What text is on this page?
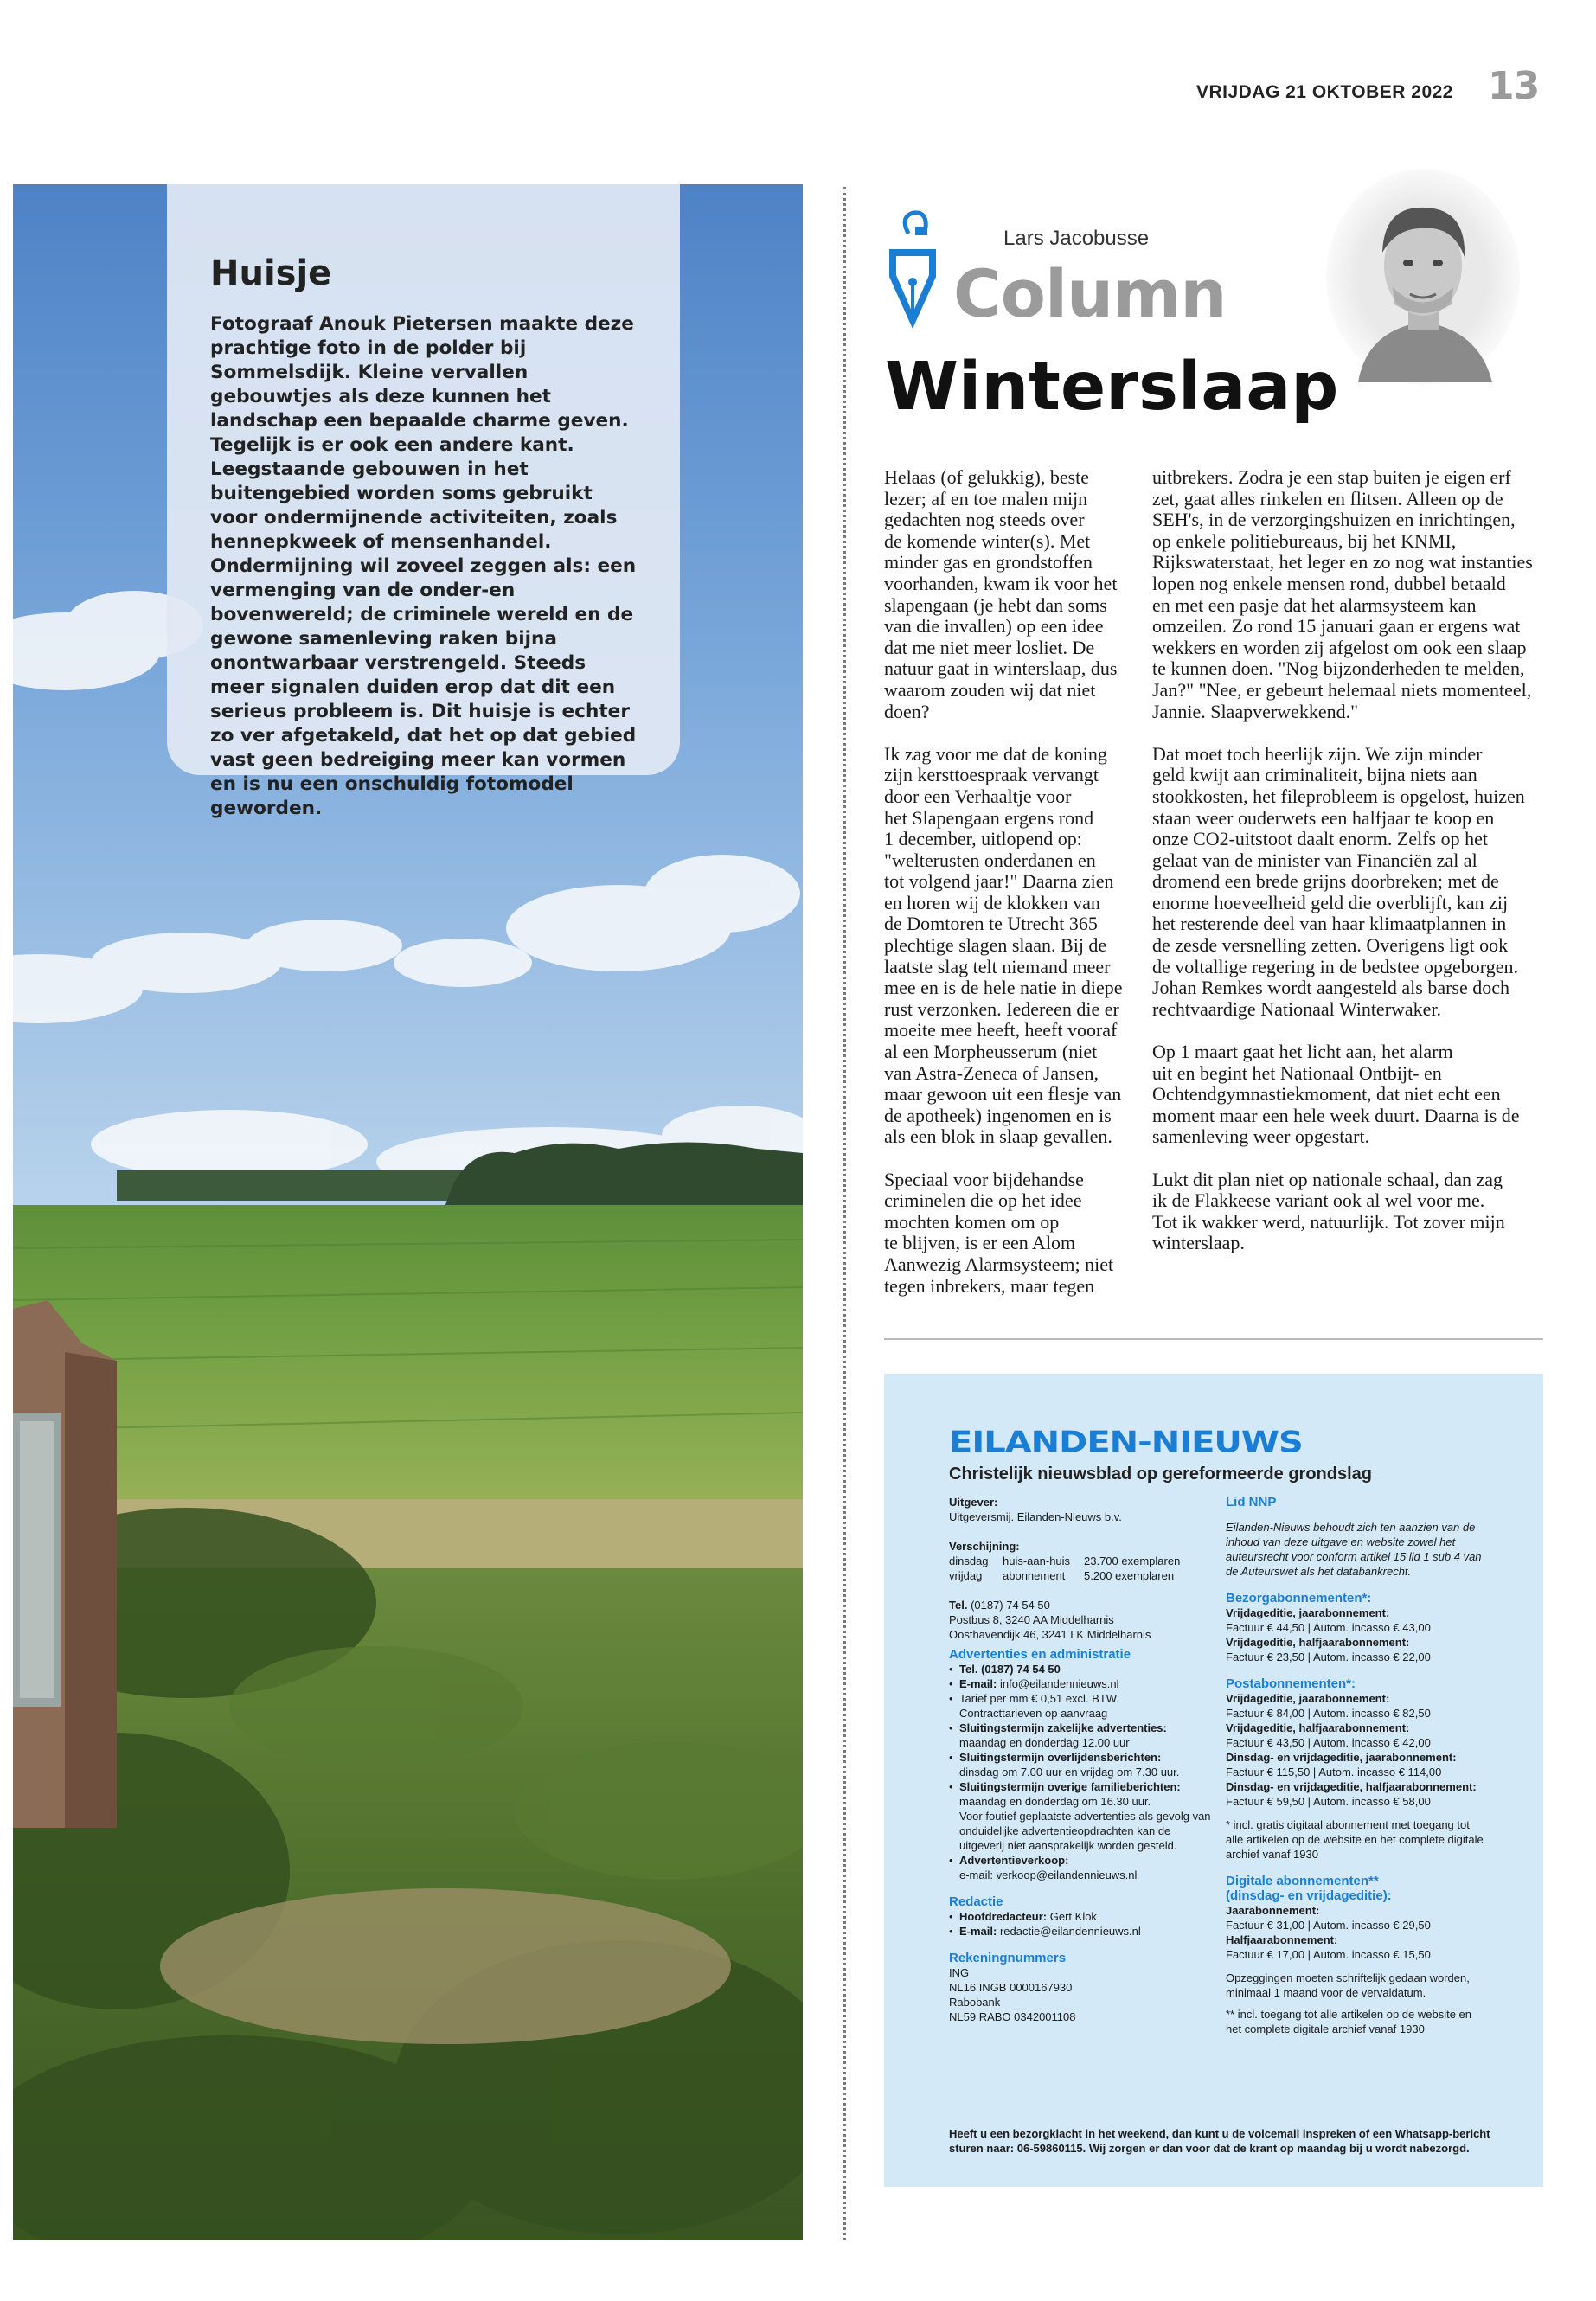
VRIJDAG 21 OKTOBER 2022 13
Huisje
Fotograaf Anouk Pietersen maakte deze prachtige foto in de polder bij Sommelsdijk. Kleine vervallen gebouwtjes als deze kunnen het landschap een bepaalde charme geven. Tegelijk is er ook een andere kant. Leegstaande gebouwen in het buitengebied worden soms gebruikt voor ondermijnende activiteiten, zoals hennepkweek of mensenhandel. Ondermijning wil zoveel zeggen als: een vermenging van de onder-en bovenwereld; de criminele wereld en de gewone samenleving raken bijna onontwarbaar verstrengeld. Steeds meer signalen duiden erop dat dit een serieus probleem is. Dit huisje is echter zo ver afgetakeld, dat het op dat gebied vast geen bedreiging meer kan vormen en is nu een onschuldig fotomodel geworden.
Lars Jacobusse
Column
Winterslaap

Helaas (of gelukkig), beste
lezer; af en toe malen mijn
gedachten nog steeds over
de komende winter(s). Met
minder gas en grondstoffen
voorhanden, kwam ik voor het
slapengaan (je hebt dan soms
van die invallen) op een idee
dat me niet meer losliet. De
natuur gaat in winterslaap, dus
waarom zouden wij dat niet
doen?

Ik zag voor me dat de koning
zijn kersttoespraak vervangt
door een Verhaaltje voor
het Slapengaan ergens rond
1 december, uitlopend op:
"welterusten onderdanen en
tot volgend jaar!" Daarna zien
en horen wij de klokken van
de Domtoren te Utrecht 365
plechtige slagen slaan. Bij de
laatste slag telt niemand meer
mee en is de hele natie in diepe
rust verzonken. Iedereen die er
moeite mee heeft, heeft vooraf
al een Morpheusserum (niet
van Astra-Zeneca of Jansen,
maar gewoon uit een flesje van
de apotheek) ingenomen en is
als een blok in slaap gevallen.

Speciaal voor bijdehandse
criminelen die op het idee
mochten komen om op
te blijven, is er een Alom
Aanwezig Alarmsysteem; niet
tegen inbrekers, maar tegen

uitbrekers. Zodra je een stap buiten je eigen erf
zet, gaat alles rinkelen en flitsen. Alleen op de
SEH's, in de verzorgingshuizen en inrichtingen,
op enkele politiebureaus, bij het KNMI,
Rijkswaterstaat, het leger en zo nog wat instanties
lopen nog enkele mensen rond, dubbel betaald
en met een pasje dat het alarmsysteem kan
omzeilen. Zo rond 15 januari gaan er ergens wat
wekkers en worden zij afgelost om ook een slaap
te kunnen doen. "Nog bijzonderheden te melden,
Jan?" "Nee, er gebeurt helemaal niets momenteel,
Jannie. Slaapverwekkend."

Dat moet toch heerlijk zijn. We zijn minder
geld kwijt aan criminaliteit, bijna niets aan
stookkosten, het fileprobleem is opgelost, huizen
staan weer ouderwets een halfjaar te koop en
onze CO2-uitstoot daalt enorm. Zelfs op het
gelaat van de minister van Financiën zal al
dromend een brede grijns doorbreken; met de
enorme hoeveelheid geld die overblijft, kan zij
het resterende deel van haar klimaatplannen in
de zesde versnelling zetten. Overigens ligt ook
de voltallige regering in de bedstee opgeborgen.
Johan Remkes wordt aangesteld als barse doch
rechtvaardige Nationaal Winterwaker.

Op 1 maart gaat het licht aan, het alarm
uit en begint het Nationaal Ontbijt- en
Ochtendgymnastiekmoment, dat niet echt een
moment maar een hele week duurt. Daarna is de
samenleving weer opgestart.

Lukt dit plan niet op nationale schaal, dan zag
ik de Flakkeese variant ook al wel voor me.
Tot ik wakker werd, natuurlijk. Tot zover mijn
winterslaap.

EILANDEN-NIEUWS
Christelijk nieuwsblad op gereformeerde grondslag
Uitgever:
Uitgeversmij. Eilanden-Nieuws b.v.
Verschijning:
dinsdag	huis-aan-huis	23.700 exemplaren
vrijdag	abonnement	5.200 exemplaren
Tel. (0187) 74 54 50
Postbus 8, 3240 AA Middelharnis
Oosthavendijk 46, 3241 LK Middelharnis
Advertenties en administratie
• Tel. (0187) 74 54 50
• E-mail: info@eilandennieuws.nl
• Tarief per mm € 0,51 excl. BTW.
Contracttarieven op aanvraag
• Sluitingstermijn zakelijke advertenties:
maandag en donderdag 12.00 uur
• Sluitingstermijn overlijdensberichten:
dinsdag om 7.00 uur en vrijdag om 7.30 uur.
• Sluitingstermijn overige familieberichten:
maandag en donderdag om 16.30 uur.
Voor foutief geplaatste advertenties als gevolg van onduidelijke advertentieopdrachten kan de uitgeverij niet aansprakelijk worden gesteld.
• Advertentieverkoop:
e-mail: verkoop@eilandennieuws.nl
Redactie
• Hoofdredacteur: Gert Klok
• E-mail: redactie@eilandennieuws.nl
Rekeningnummers
ING
NL16 INGB 0000167930
Rabobank
NL59 RABO 0342001108
Lid NNP
Eilanden-Nieuws behoudt zich ten aanzien van de inhoud van deze uitgave en website zowel het auteursrecht voor conform artikel 15 lid 1 sub 4 van de Auteurswet als het databankrecht.
Bezorgabonnementen*:
Vrijdageditie, jaarabonnement:
Factuur € 44,50 | Autom. incasso € 43,00
Vrijdageditie, halfjaarabonnement:
Factuur € 23,50 | Autom. incasso € 22,00
Postabonnementen*:
Vrijdageditie, jaarabonnement:
Factuur € 84,00 | Autom. incasso € 82,50
Vrijdageditie, halfjaarabonnement:
Factuur € 43,50 | Autom. incasso € 42,00
Dinsdag- en vrijdageditie, jaarabonnement:
Factuur € 115,50 | Autom. incasso € 114,00
Dinsdag- en vrijdageditie, halfjaarabonnement:
Factuur € 59,50 | Autom. incasso € 58,00
* incl. gratis digitaal abonnement met toegang tot alle artikelen op de website en het complete digitale archief vanaf 1930
Digitale abonnementen**
(dinsdag- en vrijdageditie):
Jaarabonnement:
Factuur € 31,00 | Autom. incasso € 29,50
Halfjaarabonnement:
Factuur € 17,00 | Autom. incasso € 15,50
Opzeggingen moeten schriftelijk gedaan worden, minimaal 1 maand voor de vervaldatum.
** incl. toegang tot alle artikelen op de website en het complete digitale archief vanaf 1930
Heeft u een bezorgklacht in het weekend, dan kunt u de voicemail inspreken of een Whatsapp-bericht sturen naar: 06-59860115. Wij zorgen er dan voor dat de krant op maandag bij u wordt nabezorgd.
